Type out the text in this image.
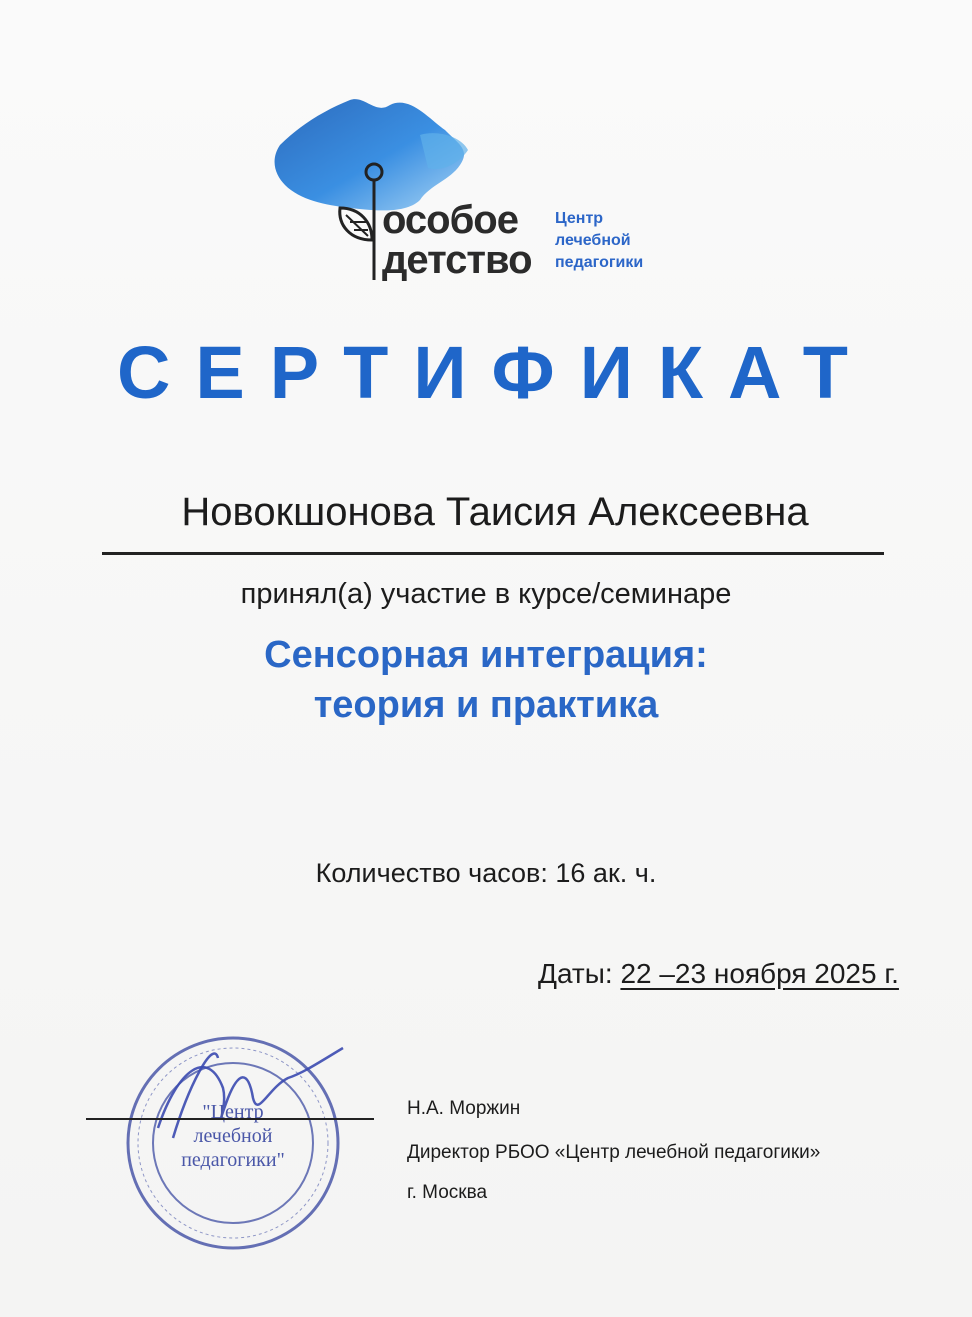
особое
детство
Центр
лечебной
педагогики
СЕРТИФИКАТ
Новокшонова Таисия Алексеевна
принял(а) участие в курсе/семинаре
Сенсорная интеграция:
теория и практика
Количество часов: 16 ак. ч.
Даты: 22 –23 ноября 2025 г.
"Центр
лечебной
педагогики"
Н.А. Моржин
Директор РБОО «Центр лечебной педагогики»
г. Москва
